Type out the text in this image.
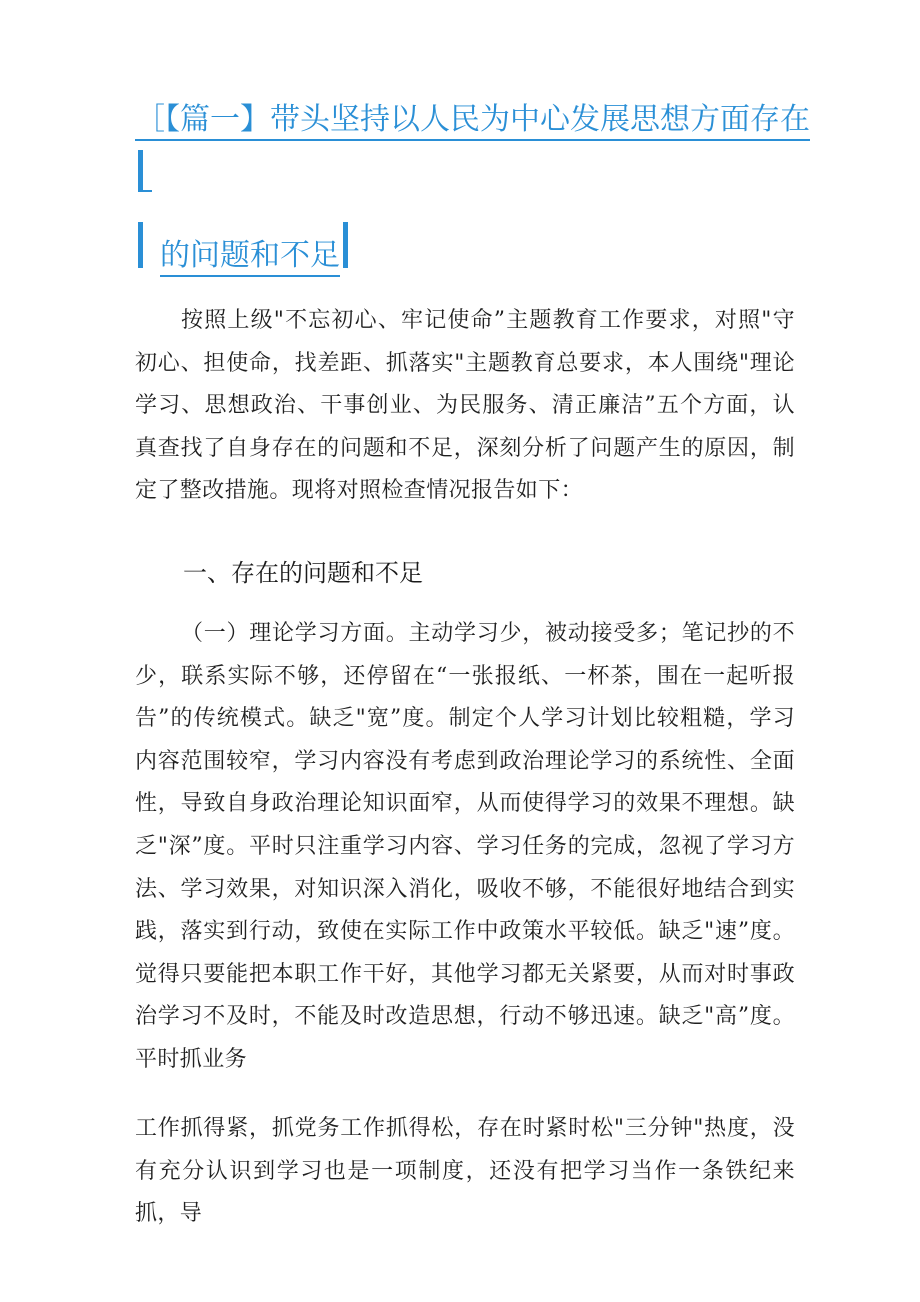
［【篇一】带头坚持以人民为中心发展思想方面存在
的问题和不足

按照上级"不忘初心、牢记使命”主题教育工作要求，对照"守初心、担使命，找差距、抓落实"主题教育总要求，本人围绕"理论学习、思想政治、干事创业、为民服务、清正廉洁”五个方面，认真查找了自身存在的问题和不足，深刻分析了问题产生的原因，制定了整改措施。现将对照检查情况报告如下：

一、存在的问题和不足

（一）理论学习方面。主动学习少，被动接受多；笔记抄的不少，联系实际不够，还停留在“一张报纸、一杯茶，围在一起听报告”的传统模式。缺乏"宽”度。制定个人学习计划比较粗糙，学习内容范围较窄，学习内容没有考虑到政治理论学习的系统性、全面性，导致自身政治理论知识面窄，从而使得学习的效果不理想。缺乏"深”度。平时只注重学习内容、学习任务的完成，忽视了学习方法、学习效果，对知识深入消化，吸收不够，不能很好地结合到实践，落实到行动，致使在实际工作中政策水平较低。缺乏"速”度。觉得只要能把本职工作干好，其他学习都无关紧要，从而对时事政治学习不及时，不能及时改造思想，行动不够迅速。缺乏"高”度。平时抓业务

工作抓得紧，抓党务工作抓得松，存在时紧时松"三分钟"热度，没有充分认识到学习也是一项制度，还没有把学习当作一条铁纪来抓，导
